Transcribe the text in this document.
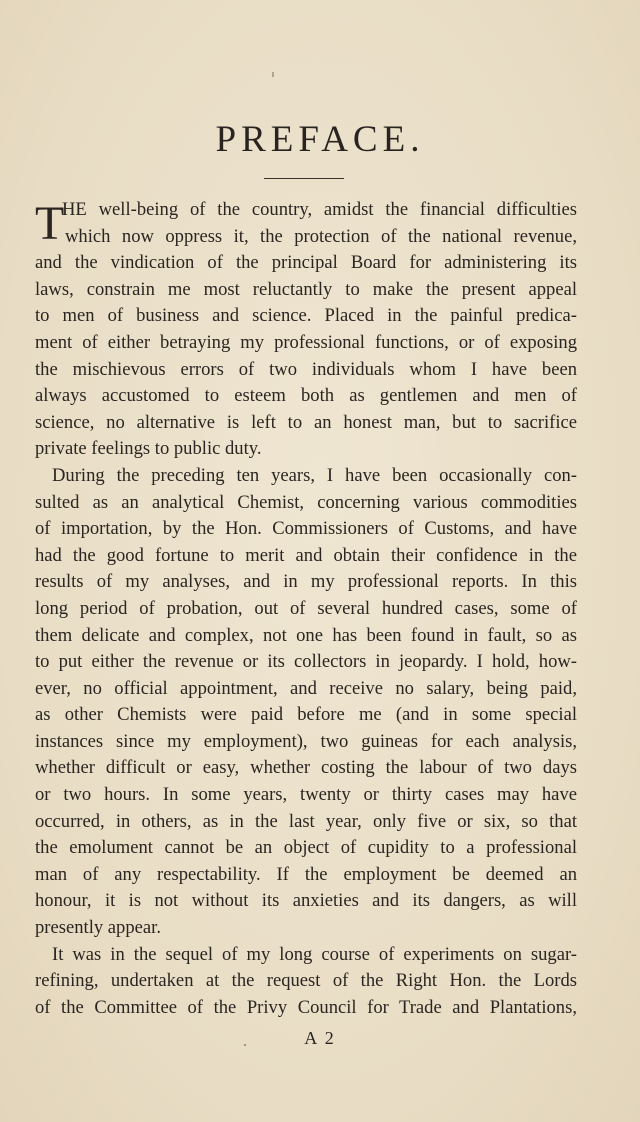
PREFACE.
T
HE well-being of the country, amidst the financial difficulties
which now oppress it, the protection of the national revenue,
and the vindication of the principal Board for administering its
laws, constrain me most reluctantly to make the present appeal
to men of business and science. Placed in the painful predica-
ment of either betraying my professional functions, or of exposing
the mischievous errors of two individuals whom I have been
always accustomed to esteem both as gentlemen and men of
science, no alternative is left to an honest man, but to sacrifice
private feelings to public duty.
During the preceding ten years, I have been occasionally con-
sulted as an analytical Chemist, concerning various commodities
of importation, by the Hon. Commissioners of Customs, and have
had the good fortune to merit and obtain their confidence in the
results of my analyses, and in my professional reports. In this
long period of probation, out of several hundred cases, some of
them delicate and complex, not one has been found in fault, so as
to put either the revenue or its collectors in jeopardy. I hold, how-
ever, no official appointment, and receive no salary, being paid,
as other Chemists were paid before me (and in some special
instances since my employment), two guineas for each analysis,
whether difficult or easy, whether costing the labour of two days
or two hours. In some years, twenty or thirty cases may have
occurred, in others, as in the last year, only five or six, so that
the emolument cannot be an object of cupidity to a professional
man of any respectability. If the employment be deemed an
honour, it is not without its anxieties and its dangers, as will
presently appear.
It was in the sequel of my long course of experiments on sugar-
refining, undertaken at the request of the Right Hon. the Lords
of the Committee of the Privy Council for Trade and Plantations,
A 2
